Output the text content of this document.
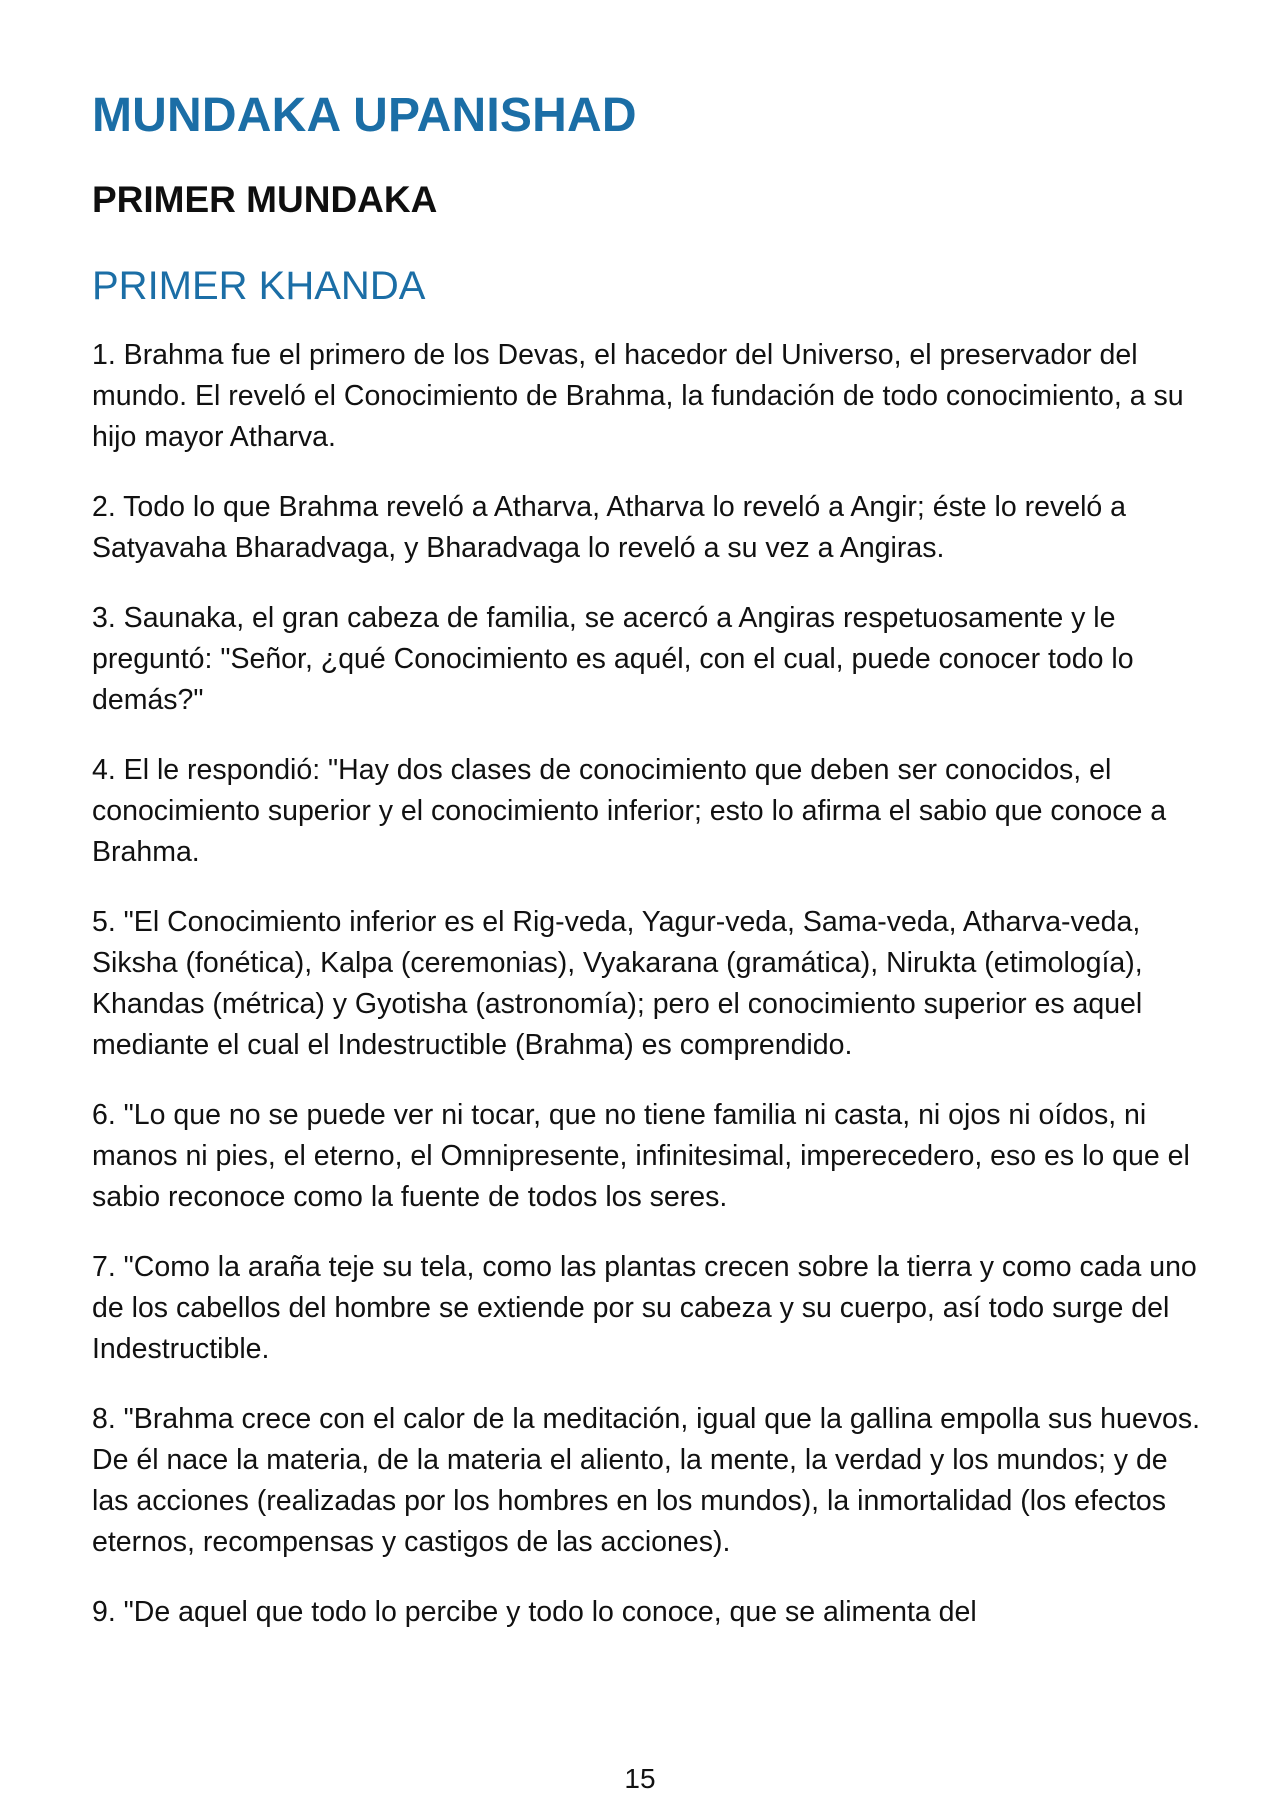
MUNDAKA UPANISHAD
PRIMER MUNDAKA
PRIMER KHANDA

1. Brahma fue el primero de los Devas, el hacedor del Universo, el preservador del mundo. El reveló el Conocimiento de Brahma, la fundación de todo conocimiento, a su hijo mayor Atharva.

2. Todo lo que Brahma reveló a Atharva, Atharva lo reveló a Angir; éste lo reveló a Satyavaha Bharadvaga, y Bharadvaga lo reveló a su vez a Angiras.

3. Saunaka, el gran cabeza de familia, se acercó a Angiras respetuosamente y le preguntó: "Señor, ¿qué Conocimiento es aquél, con el cual, puede conocer todo lo demás?"

4. El le respondió: "Hay dos clases de conocimiento que deben ser conocidos, el conocimiento superior y el conocimiento inferior; esto lo afirma el sabio que conoce a Brahma.

5. "El Conocimiento inferior es el Rig-veda, Yagur-veda, Sama-veda, Atharva-veda, Siksha (fonética), Kalpa (ceremonias), Vyakarana (gramática), Nirukta (etimología), Khandas (métrica) y Gyotisha (astronomía); pero el conocimiento superior es aquel mediante el cual el Indestructible (Brahma) es comprendido.

6. "Lo que no se puede ver ni tocar, que no tiene familia ni casta, ni ojos ni oídos, ni manos ni pies, el eterno, el Omnipresente, infinitesimal, imperecedero, eso es lo que el sabio reconoce como la fuente de todos los seres.

7. "Como la araña teje su tela, como las plantas crecen sobre la tierra y como cada uno de los cabellos del hombre se extiende por su cabeza y su cuerpo, así todo surge del Indestructible.

8. "Brahma crece con el calor de la meditación, igual que la gallina empolla sus huevos. De él nace la materia, de la materia el aliento, la mente, la verdad y los mundos; y de las acciones (realizadas por los hombres en los mundos), la inmortalidad (los efectos eternos, recompensas y castigos de las acciones).

9. "De aquel que todo lo percibe y todo lo conoce, que se alimenta del

15
